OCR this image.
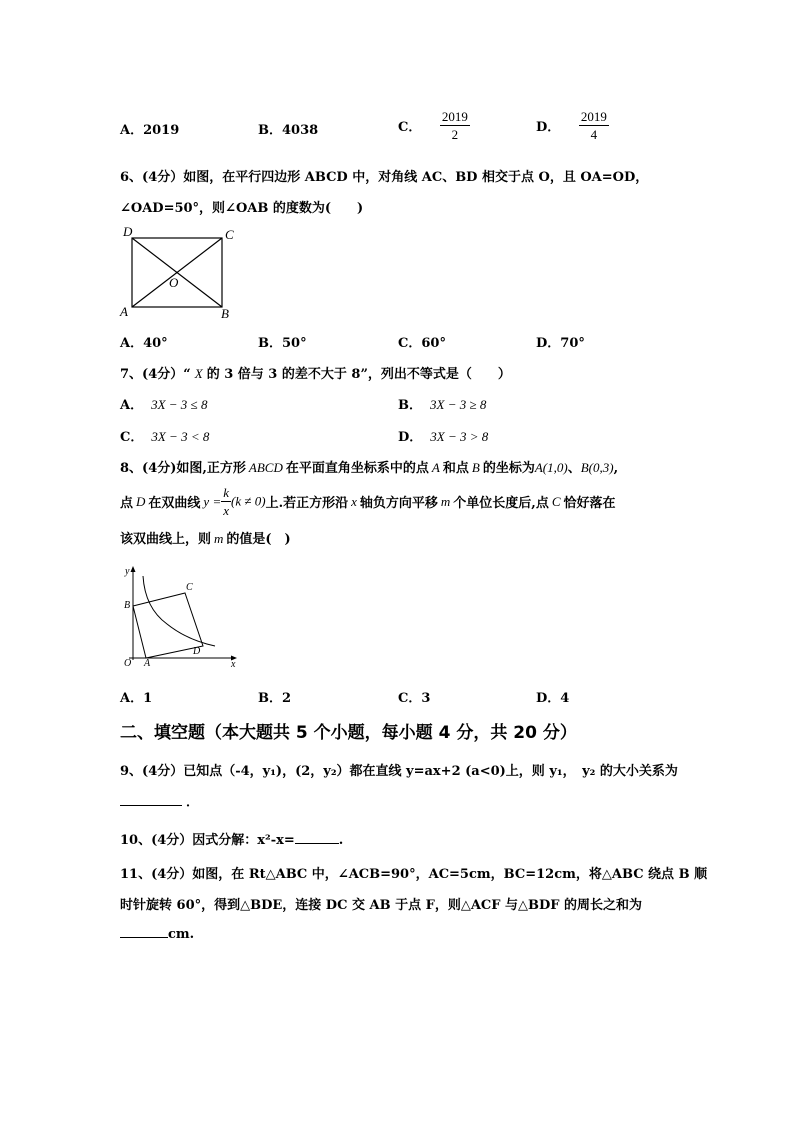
A．2019	B．4038	C． $\frac{2019}{2}$	D． $\frac{2019}{4}$
6、(4分）如图，在平行四边形 ABCD 中，对角线 AC、BD 相交于点 O，且 OA=OD，
∠OAD=50°，则∠OAB 的度数为(　　)
D	C
O
A	B
A．40°	B．50°	C．60°	D．70°
7、(4分）“ X 的 3 倍与 3 的差不大于 8”，列出不等式是（　　）
A． 3X − 3 ≤ 8	B． 3X − 3 ≥ 8
C． 3X − 3 < 8	D． 3X − 3 > 8
8、(4分)如图,正方形 ABCD 在平面直角坐标系中的点 A 和点 B 的坐标为A(1,0)、B(0,3),
点 D 在双曲线 $y = \frac{k}{x} (k \ne 0)$上.若正方形沿 x 轴负方向平移 m 个单位长度后,点 C 恰好落在
该双曲线上，则 m 的值是(　)
y
x
O A
B
C
D
A．1	B．2	C．3	D．4
二、填空题（本大题共 5 个小题，每小题 4 分，共 20 分）
9、(4分）已知点（-4，y₁)，(2，y₂）都在直线 y=ax+2 (a<0)上，则 y₁，　y₂ 的大小关系为
．
10、(4分）因式分解：x²-x=	.
11、(4分）如图，在 Rt△ABC 中，∠ACB=90°，AC=5cm，BC=12cm，将△ABC 绕点 B 顺
时针旋转 60°，得到△BDE，连接 DC 交 AB 于点 F，则△ACF 与△BDF 的周长之和为
cm.
